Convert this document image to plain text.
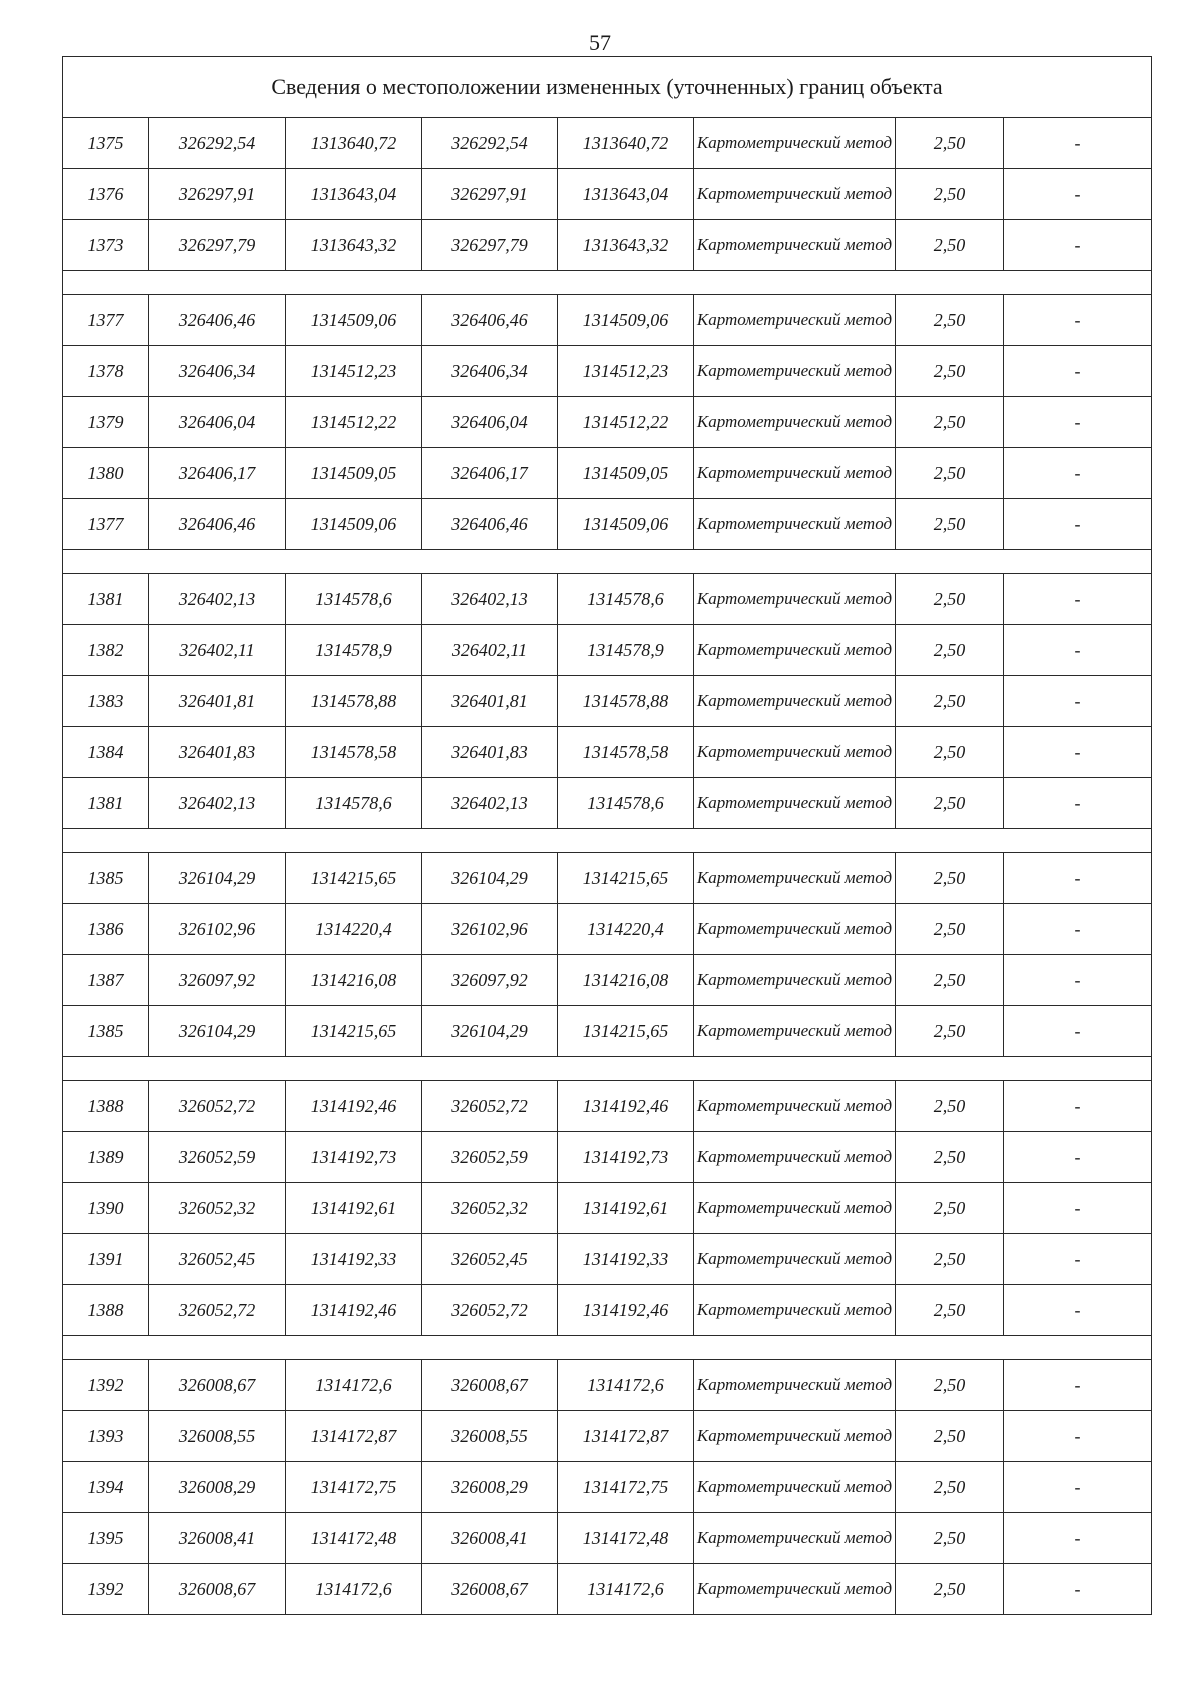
57
Сведения о местоположении измененных (уточненных) границ объекта							
1375	326292,54	1313640,72	326292,54	1313640,72	Картометрический метод	2,50	-
1376	326297,91	1313643,04	326297,91	1313643,04	Картометрический метод	2,50	-
1373	326297,79	1313643,32	326297,79	1313643,32	Картометрический метод	2,50	-

1377	326406,46	1314509,06	326406,46	1314509,06	Картометрический метод	2,50	-
1378	326406,34	1314512,23	326406,34	1314512,23	Картометрический метод	2,50	-
1379	326406,04	1314512,22	326406,04	1314512,22	Картометрический метод	2,50	-
1380	326406,17	1314509,05	326406,17	1314509,05	Картометрический метод	2,50	-
1377	326406,46	1314509,06	326406,46	1314509,06	Картометрический метод	2,50	-

1381	326402,13	1314578,6	326402,13	1314578,6	Картометрический метод	2,50	-
1382	326402,11	1314578,9	326402,11	1314578,9	Картометрический метод	2,50	-
1383	326401,81	1314578,88	326401,81	1314578,88	Картометрический метод	2,50	-
1384	326401,83	1314578,58	326401,83	1314578,58	Картометрический метод	2,50	-
1381	326402,13	1314578,6	326402,13	1314578,6	Картометрический метод	2,50	-

1385	326104,29	1314215,65	326104,29	1314215,65	Картометрический метод	2,50	-
1386	326102,96	1314220,4	326102,96	1314220,4	Картометрический метод	2,50	-
1387	326097,92	1314216,08	326097,92	1314216,08	Картометрический метод	2,50	-
1385	326104,29	1314215,65	326104,29	1314215,65	Картометрический метод	2,50	-

1388	326052,72	1314192,46	326052,72	1314192,46	Картометрический метод	2,50	-
1389	326052,59	1314192,73	326052,59	1314192,73	Картометрический метод	2,50	-
1390	326052,32	1314192,61	326052,32	1314192,61	Картометрический метод	2,50	-
1391	326052,45	1314192,33	326052,45	1314192,33	Картометрический метод	2,50	-
1388	326052,72	1314192,46	326052,72	1314192,46	Картометрический метод	2,50	-

1392	326008,67	1314172,6	326008,67	1314172,6	Картометрический метод	2,50	-
1393	326008,55	1314172,87	326008,55	1314172,87	Картометрический метод	2,50	-
1394	326008,29	1314172,75	326008,29	1314172,75	Картометрический метод	2,50	-
1395	326008,41	1314172,48	326008,41	1314172,48	Картометрический метод	2,50	-
1392	326008,67	1314172,6	326008,67	1314172,6	Картометрический метод	2,50	-
